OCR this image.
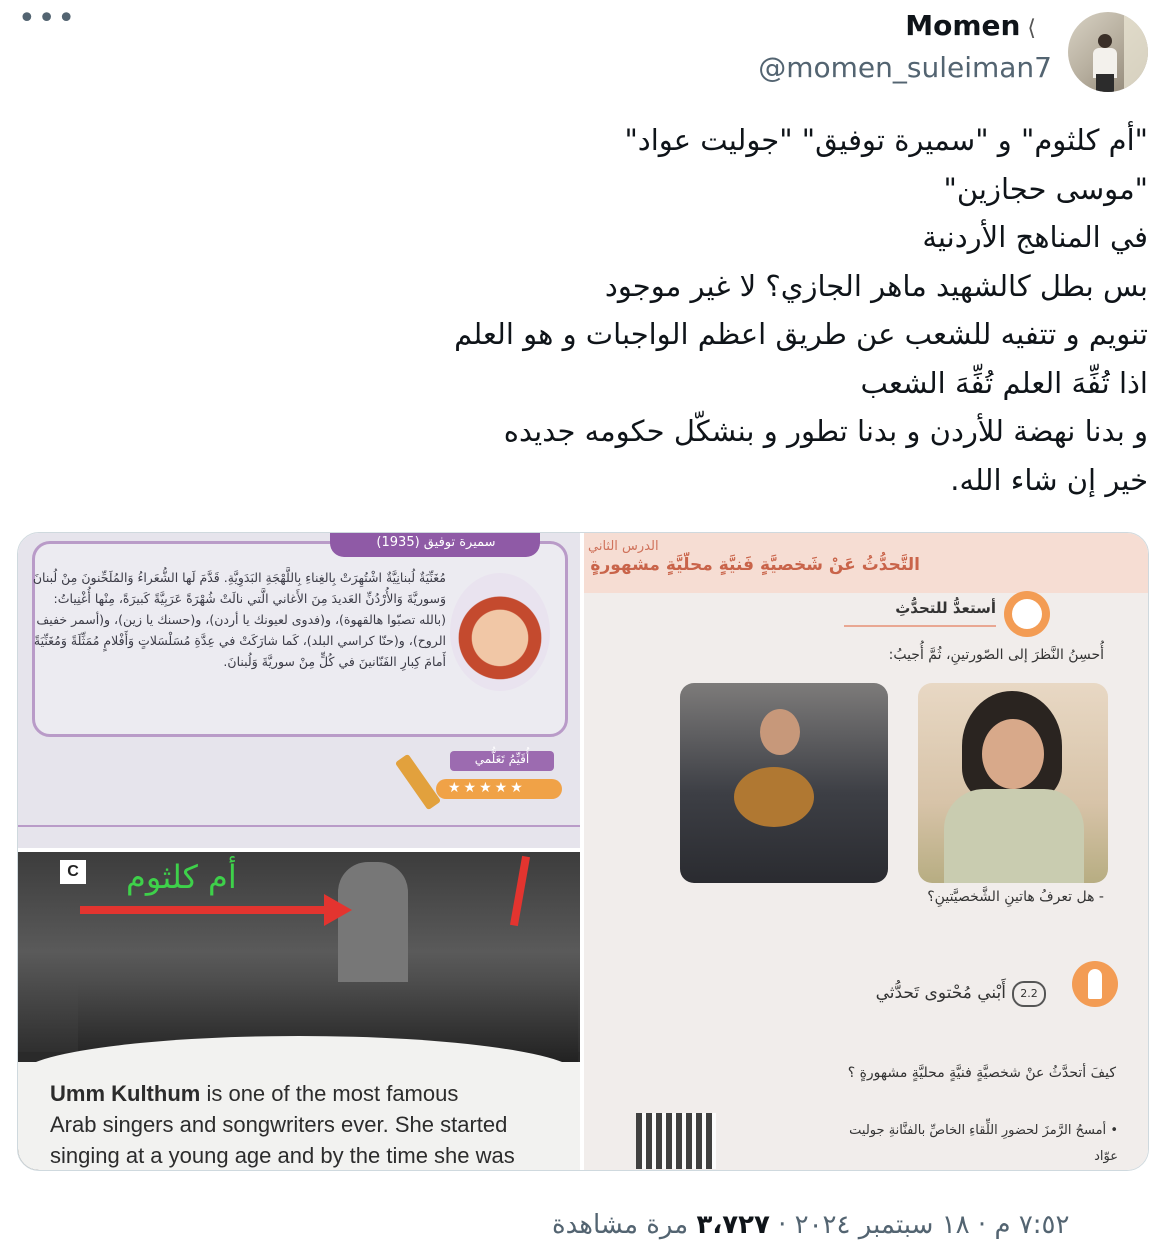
•••	Momen ⟨
@momen_suleiman7
"أم كلثوم" و "سميرة توفيق" "جوليت عواد"
"موسى حجازين"
في المناهج الأردنية
بس بطل كالشهيد ماهر الجازي؟ لا غير موجود
تنويم و تتفيه للشعب عن طريق اعظم الواجبات و هو العلم
اذا تُفِّهَ العلم تُفِّهَ الشعب
و بدنا نهضة للأردن و بدنا تطور و بنشكّل حكومه جديده
خير إن شاء الله.
سميرة توفيق (1935)
مُغَنِّيَةٌ لُبنانِيَّةٌ اشْتُهِرَتْ بِالغِناءِ بِاللَّهْجَةِ البَدَوِيَّةِ. قَدَّمَ لَها الشُّعَراءُ وَالمُلَحِّنونَ مِنْ لُبنانَ وَسوريَّةَ وَالأُرْدُنِّ العَديدَ مِنَ الأَغاني الَّتي نالَتْ شُهْرَةً عَرَبِيَّةً كَبيرَةً، مِنْها أُغْنِياتُ: (بالله تصبّوا هالقهوة)، و(فدوى لعيونك يا أردن)، و(حسنك يا زين)، و(أسمر خفيف الروح)، و(حنّا كراسي البلد)، كَما شارَكَتْ في عِدَّةِ مُسَلْسَلاتٍ وَأَفْلامٍ مُمَثِّلَةً وَمُغَنِّيَةً أَمامَ كِبارِ الفَنّانينَ في كُلٍّ مِنْ سوريَّةَ وَلُبنانَ.
أُقَيِّمُ تَعَلُّمي
★★★★★
C أم كلثوم
Umm Kulthum is one of the most famous
Arab singers and songwriters ever. She started
singing at a young age and by the time she was
الدرس الثاني
التَّحدُّثُ عَنْ شَخصيَّةٍ فَنيَّةٍ محلّيَّةٍ مشهورةٍ
أستعدُّ للتحدُّثِ
أُحسِنُ النَّظرَ إلى الصّورتينِ، ثُمَّ أُجيبُ:
- هل تعرفُ هاتينِ الشَّخصيَّتينِ؟
2.2
أَبْني مُحْتوى تَحدُّثي
كيفَ أتحدَّثُ عنْ شخصيَّةٍ فنيَّةٍ محليَّةٍ مشهورةٍ ؟
• أمسحُ الرَّمزَ لحضورِ اللِّقاءِ الخاصِّ بالفنَّانةِ جوليت
عوّاد
٧:٥٢ م · ١٨ سبتمبر ٢٠٢٤ · ٣،٧٢٧ مرة مشاهدة
